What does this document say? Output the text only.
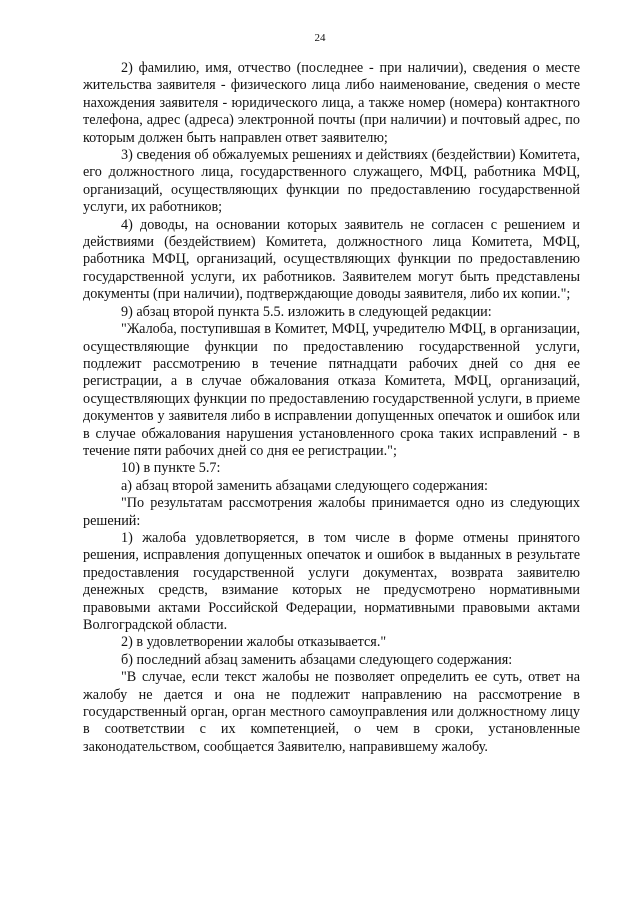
24

2) фамилию, имя, отчество (последнее - при наличии), сведения о месте жительства заявителя - физического лица либо наименование, сведения о месте нахождения заявителя - юридического лица, а также номер (номера) контактного телефона, адрес (адреса) электронной почты (при наличии) и почтовый адрес, по которым должен быть направлен ответ заявителю;

3) сведения об обжалуемых решениях и действиях (бездействии) Комитета, его должностного лица, государственного служащего, МФЦ, работника МФЦ, организаций, осуществляющих функции по предоставлению государственной услуги, их работников;

4) доводы, на основании которых заявитель не согласен с решением и действиями (бездействием) Комитета, должностного лица Комитета, МФЦ, работника МФЦ, организаций, осуществляющих функции по предоставлению государственной услуги, их работников. Заявителем могут быть представлены документы (при наличии), подтверждающие доводы заявителя, либо их копии.";

9) абзац второй пункта 5.5. изложить в следующей редакции:

"Жалоба, поступившая в Комитет, МФЦ, учредителю МФЦ, в организации, осуществляющие функции по предоставлению государственной услуги, подлежит рассмотрению в течение пятнадцати рабочих дней со дня ее регистрации, а в случае обжалования отказа Комитета, МФЦ, организаций, осуществляющих функции по предоставлению государственной услуги, в приеме документов у заявителя либо в исправлении допущенных опечаток и ошибок или в случае обжалования нарушения установленного срока таких исправлений - в течение пяти рабочих дней со дня ее регистрации.";

10) в пункте 5.7:

а) абзац второй заменить абзацами следующего содержания:

"По результатам рассмотрения жалобы принимается одно из следующих решений:

1) жалоба удовлетворяется, в том числе в форме отмены принятого решения, исправления допущенных опечаток и ошибок в выданных в результате предоставления государственной услуги документах, возврата заявителю денежных средств, взимание которых не предусмотрено нормативными правовыми актами Российской Федерации, нормативными правовыми актами Волгоградской области.

2) в удовлетворении жалобы отказывается."

б) последний абзац заменить абзацами следующего содержания:

"В случае, если текст жалобы не позволяет определить ее суть, ответ на жалобу не дается и она не подлежит направлению на рассмотрение в государственный орган, орган местного самоуправления или должностному лицу в соответствии с их компетенцией, о чем в сроки, установленные законодательством, сообщается Заявителю, направившему жалобу.
